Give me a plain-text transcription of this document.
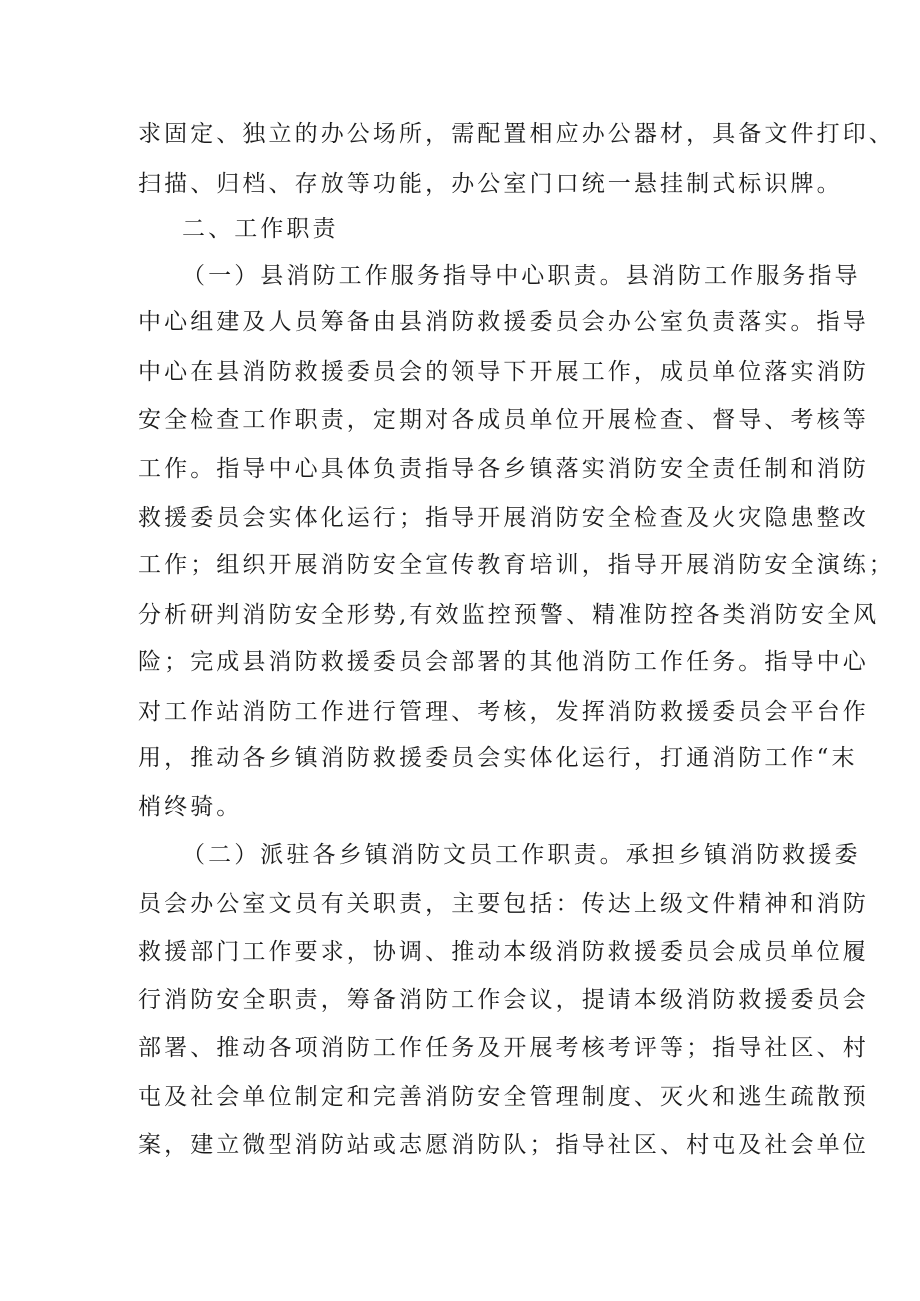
求固定、独立的办公场所，需配置相应办公器材，具备文件打印、
扫描、归档、存放等功能，办公室门口统一悬挂制式标识牌。
二、工作职责
（一）县消防工作服务指导中心职责。县消防工作服务指导
中心组建及人员筹备由县消防救援委员会办公室负责落实。指导
中心在县消防救援委员会的领导下开展工作，成员单位落实消防
安全检查工作职责，定期对各成员单位开展检查、督导、考核等
工作。指导中心具体负责指导各乡镇落实消防安全责任制和消防
救援委员会实体化运行；指导开展消防安全检查及火灾隐患整改
工作；组织开展消防安全宣传教育培训，指导开展消防安全演练；
分析研判消防安全形势,有效监控预警、精准防控各类消防安全风
险；完成县消防救援委员会部署的其他消防工作任务。指导中心
对工作站消防工作进行管理、考核，发挥消防救援委员会平台作
用，推动各乡镇消防救援委员会实体化运行，打通消防工作“末
梢终骑。
（二）派驻各乡镇消防文员工作职责。承担乡镇消防救援委
员会办公室文员有关职责，主要包括：传达上级文件精神和消防
救援部门工作要求，协调、推动本级消防救援委员会成员单位履
行消防安全职责，筹备消防工作会议，提请本级消防救援委员会
部署、推动各项消防工作任务及开展考核考评等；指导社区、村
屯及社会单位制定和完善消防安全管理制度、灭火和逃生疏散预
案，建立微型消防站或志愿消防队；指导社区、村屯及社会单位
